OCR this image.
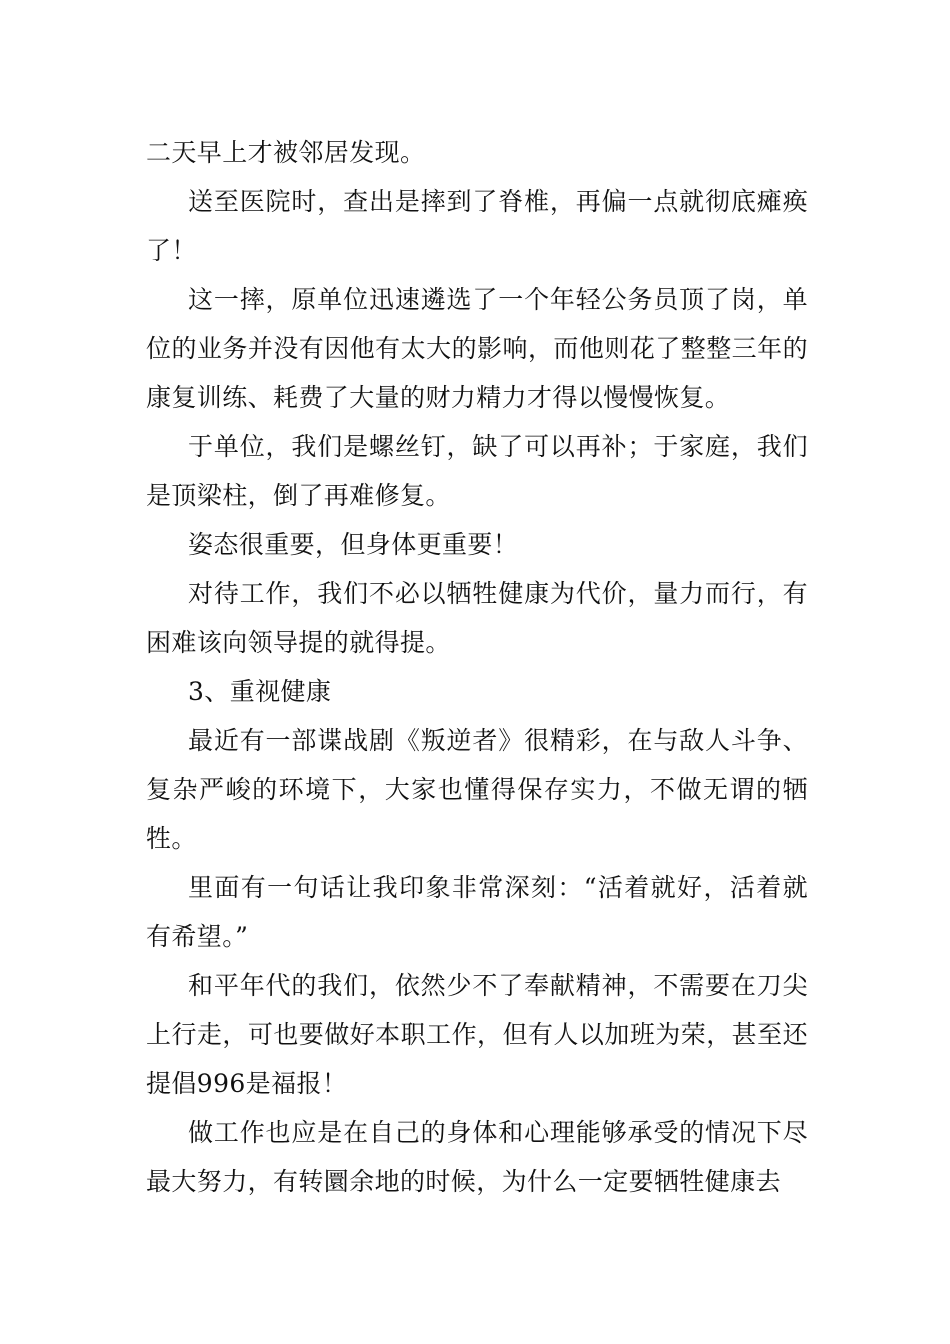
二天早上才被邻居发现。

送至医院时，查出是摔到了脊椎，再偏一点就彻底瘫痪了！

这一摔，原单位迅速遴选了一个年轻公务员顶了岗，单位的业务并没有因他有太大的影响，而他则花了整整三年的康复训练、耗费了大量的财力精力才得以慢慢恢复。

于单位，我们是螺丝钉，缺了可以再补；于家庭，我们是顶梁柱，倒了再难修复。

姿态很重要，但身体更重要！

对待工作，我们不必以牺牲健康为代价，量力而行，有困难该向领导提的就得提。

3、重视健康

最近有一部谍战剧《叛逆者》很精彩，在与敌人斗争、复杂严峻的环境下，大家也懂得保存实力，不做无谓的牺牲。

里面有一句话让我印象非常深刻：“活着就好，活着就有希望。”

和平年代的我们，依然少不了奉献精神，不需要在刀尖上行走，可也要做好本职工作，但有人以加班为荣，甚至还提倡996是福报！

做工作也应是在自己的身体和心理能够承受的情况下尽最大努力，有转圜余地的时候，为什么一定要牺牲健康去
